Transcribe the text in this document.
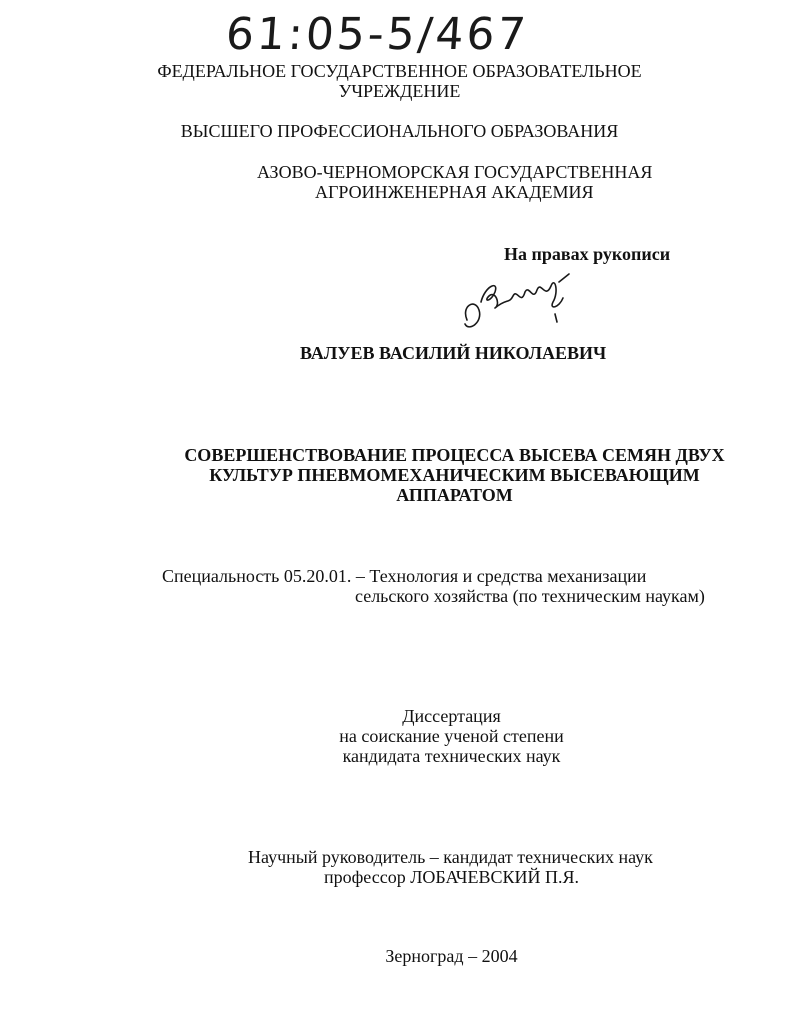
61:05-5/467
ФЕДЕРАЛЬНОЕ ГОСУДАРСТВЕННОЕ ОБРАЗОВАТЕЛЬНОЕ
УЧРЕЖДЕНИЕ
ВЫСШЕГО ПРОФЕССИОНАЛЬНОГО ОБРАЗОВАНИЯ
АЗОВО-ЧЕРНОМОРСКАЯ ГОСУДАРСТВЕННАЯ
АГРОИНЖЕНЕРНАЯ АКАДЕМИЯ
На правах рукописи
ВАЛУЕВ ВАСИЛИЙ НИКОЛАЕВИЧ
СОВЕРШЕНСТВОВАНИЕ ПРОЦЕССА ВЫСЕВА СЕМЯН ДВУХ
КУЛЬТУР ПНЕВМОМЕХАНИЧЕСКИМ ВЫСЕВАЮЩИМ
АППАРАТОМ
Специальность 05.20.01. – Технология и средства механизации
сельского хозяйства (по техническим наукам)
Диссертация
на соискание ученой степени
кандидата технических наук
Научный руководитель – кандидат технических наук
профессор ЛОБАЧЕВСКИЙ П.Я.
Зерноград – 2004
